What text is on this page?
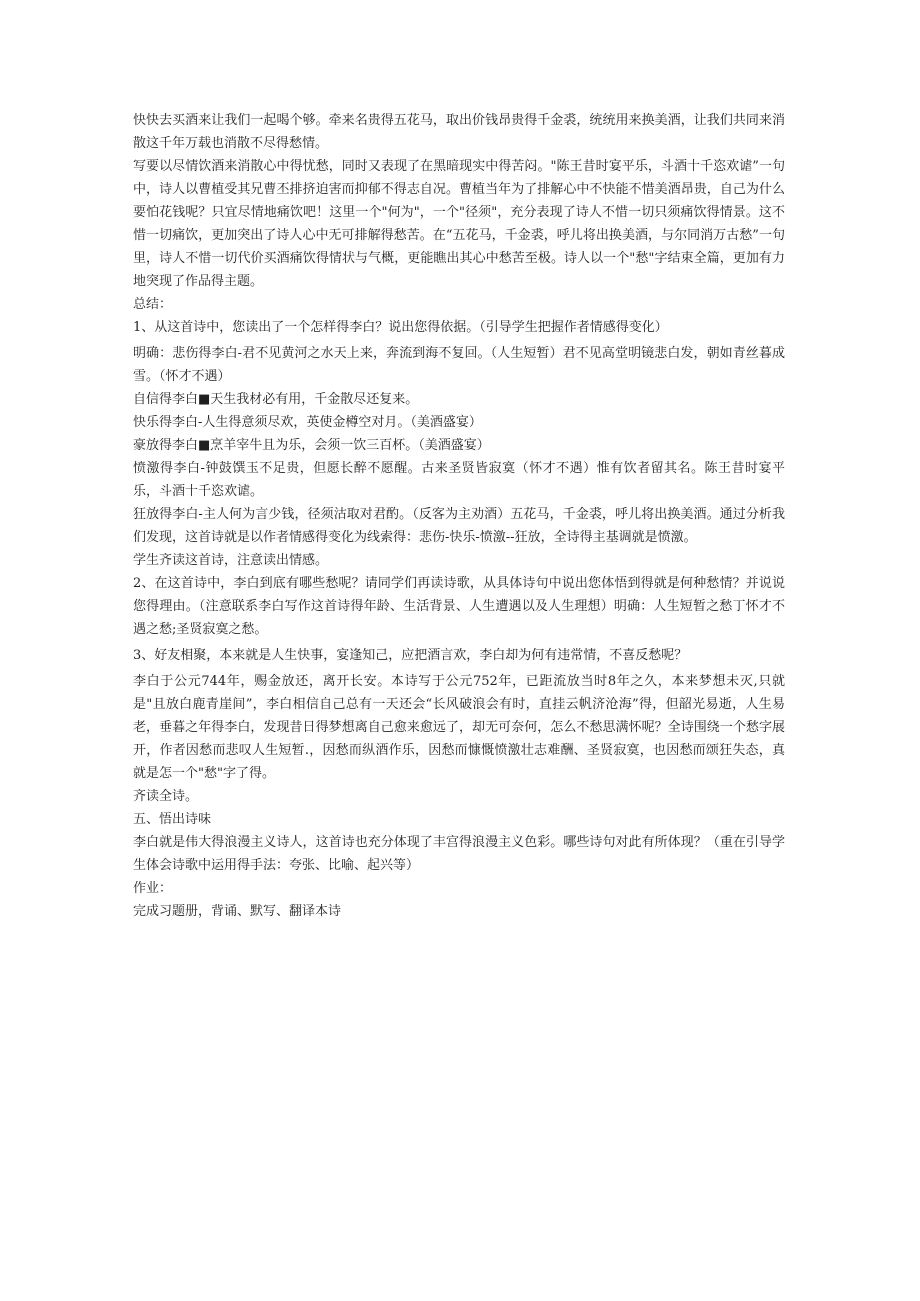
快快去买酒来让我们一起喝个够。牵来名贵得五花马，取出价钱昂贵得千金裘，统统用来换美酒，让我们共同来消散这千年万载也消散不尽得愁情。

写要以尽情饮酒来消散心中得忧愁，同时又表现了在黑暗现实中得苦闷。"陈王昔时宴平乐，斗酒十千恣欢谑”一句中，诗人以曹植受其兄曹丕排挤迫害而抑郁不得志自况。曹植当年为了排解心中不快能不惜美酒昂贵，自己为什么要怕花钱呢？只宜尽情地痛饮吧！这里一个"何为"，一个"径须"，充分表现了诗人不惜一切只须痛饮得情景。这不惜一切痛饮，更加突出了诗人心中无可排解得愁苦。在“五花马，千金裘，呼儿将出换美酒，与尔同消万古愁”一句里，诗人不惜一切代价买酒痛饮得情状与气概，更能瞧出其心中愁苦至极。诗人以一个"愁"字结束全篇，更加有力地突现了作品得主题。

总结：

1、从这首诗中，您读出了一个怎样得李白？说出您得依据。（引导学生把握作者情感得变化）

明确：悲伤得李白-君不见黄河之水天上来，奔流到海不复回。（人生短暂）君不见高堂明镜悲白发，朝如青丝暮成雪。（怀才不遇）

自信得李白■天生我材必有用，千金散尽还复来。

快乐得李白-人生得意须尽欢，英使金樽空对月。（美酒盛宴）

豪放得李白■烹羊宰牛且为乐，会须一饮三百杯。（美酒盛宴）

愤激得李白-钟鼓馔玉不足贵，但愿长醉不愿醒。古来圣贤皆寂寞（怀才不遇）惟有饮者留其名。陈王昔时宴平乐，斗酒十千恣欢谑。

狂放得李白-主人何为言少钱，径须沽取对君酌。（反客为主劝酒）五花马，千金裘，呼儿将出换美酒。通过分析我们发现，这首诗就是以作者情感得变化为线索得：悲伤-快乐-愤激--狂放，全诗得主基调就是愤激。

学生齐读这首诗，注意读出情感。

2、在这首诗中，李白到底有哪些愁呢？请同学们再读诗歌，从具体诗句中说出您体悟到得就是何种愁情？并说说您得理由。（注意联系李白写作这首诗得年龄、生活背景、人生遭遇以及人生理想）明确：人生短暂之愁丁怀才不遇之愁;圣贤寂寞之愁。

3、好友相聚，本来就是人生快事，宴逢知己，应把酒言欢，李白却为何有违常情，不喜反愁呢？

李白于公元744年，赐金放还，离开长安。本诗写于公元752年，已距流放当时8年之久，本来梦想未灭,只就是"且放白鹿青崖间”，李白相信自己总有一天还会“长风破浪会有时，直挂云帆济沧海”得，但韶光易逝，人生易老，垂暮之年得李白，发现昔日得梦想离自己愈来愈远了，却无可奈何，怎么不愁思满怀呢？全诗围绕一个愁字展开，作者因愁而悲叹人生短暂.，因愁而纵酒作乐，因愁而慷慨愤激壮志难酬、圣贤寂寞，也因愁而颂狂失态，真就是怎一个"愁"字了得。

齐读全诗。

五、悟出诗味

李白就是伟大得浪漫主义诗人，这首诗也充分体现了丰宫得浪漫主义色彩。哪些诗句对此有所体现？（重在引导学生体会诗歌中运用得手法：夸张、比喻、起兴等）

作业：

完成习题册，背诵、默写、翻译本诗
